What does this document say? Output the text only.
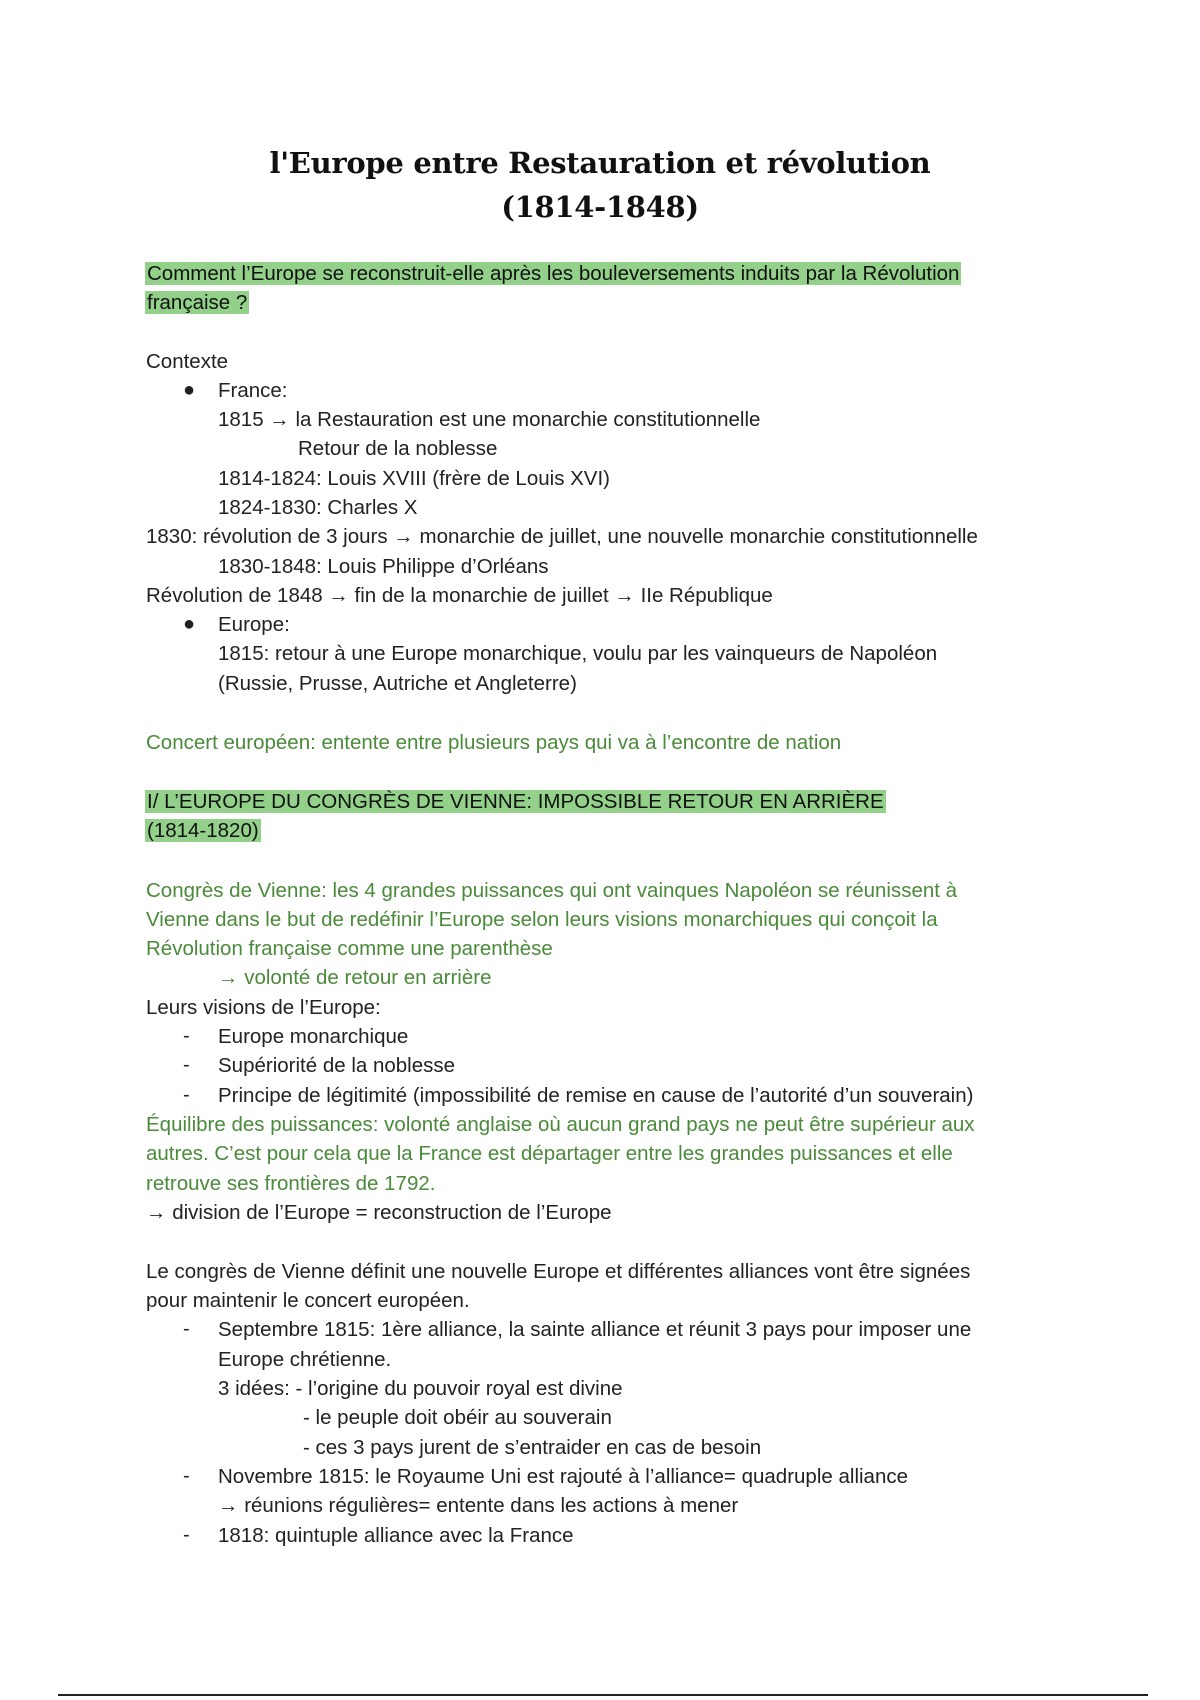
l'Europe entre Restauration et révolution
(1814-1848)
Comment l’Europe se reconstruit-elle après les bouleversements induits par la Révolution
française ?
Contexte
● France:
1815 → la Restauration est une monarchie constitutionnelle
Retour de la noblesse
1814-1824: Louis XVIII (frère de Louis XVI)
1824-1830: Charles X
1830: révolution de 3 jours → monarchie de juillet, une nouvelle monarchie constitutionnelle
1830-1848: Louis Philippe d’Orléans
Révolution de 1848 → fin de la monarchie de juillet → IIe République
● Europe:
1815: retour à une Europe monarchique, voulu par les vainqueurs de Napoléon
(Russie, Prusse, Autriche et Angleterre)
Concert européen: entente entre plusieurs pays qui va à l’encontre de nation
I/ L’EUROPE DU CONGRÈS DE VIENNE: IMPOSSIBLE RETOUR EN ARRIÈRE
(1814-1820)
Congrès de Vienne: les 4 grandes puissances qui ont vainques Napoléon se réunissent à
Vienne dans le but de redéfinir l’Europe selon leurs visions monarchiques qui conçoit la
Révolution française comme une parenthèse
→ volonté de retour en arrière
Leurs visions de l’Europe:
- Europe monarchique
- Supériorité de la noblesse
- Principe de légitimité (impossibilité de remise en cause de l’autorité d’un souverain)
Équilibre des puissances: volonté anglaise où aucun grand pays ne peut être supérieur aux
autres. C’est pour cela que la France est départager entre les grandes puissances et elle
retrouve ses frontières de 1792.
→ division de l’Europe = reconstruction de l’Europe
Le congrès de Vienne définit une nouvelle Europe et différentes alliances vont être signées
pour maintenir le concert européen.
- Septembre 1815: 1ère alliance, la sainte alliance et réunit 3 pays pour imposer une
Europe chrétienne.
3 idées: - l’origine du pouvoir royal est divine
- le peuple doit obéir au souverain
- ces 3 pays jurent de s’entraider en cas de besoin
- Novembre 1815: le Royaume Uni est rajouté à l’alliance= quadruple alliance
→ réunions régulières= entente dans les actions à mener
- 1818: quintuple alliance avec la France
